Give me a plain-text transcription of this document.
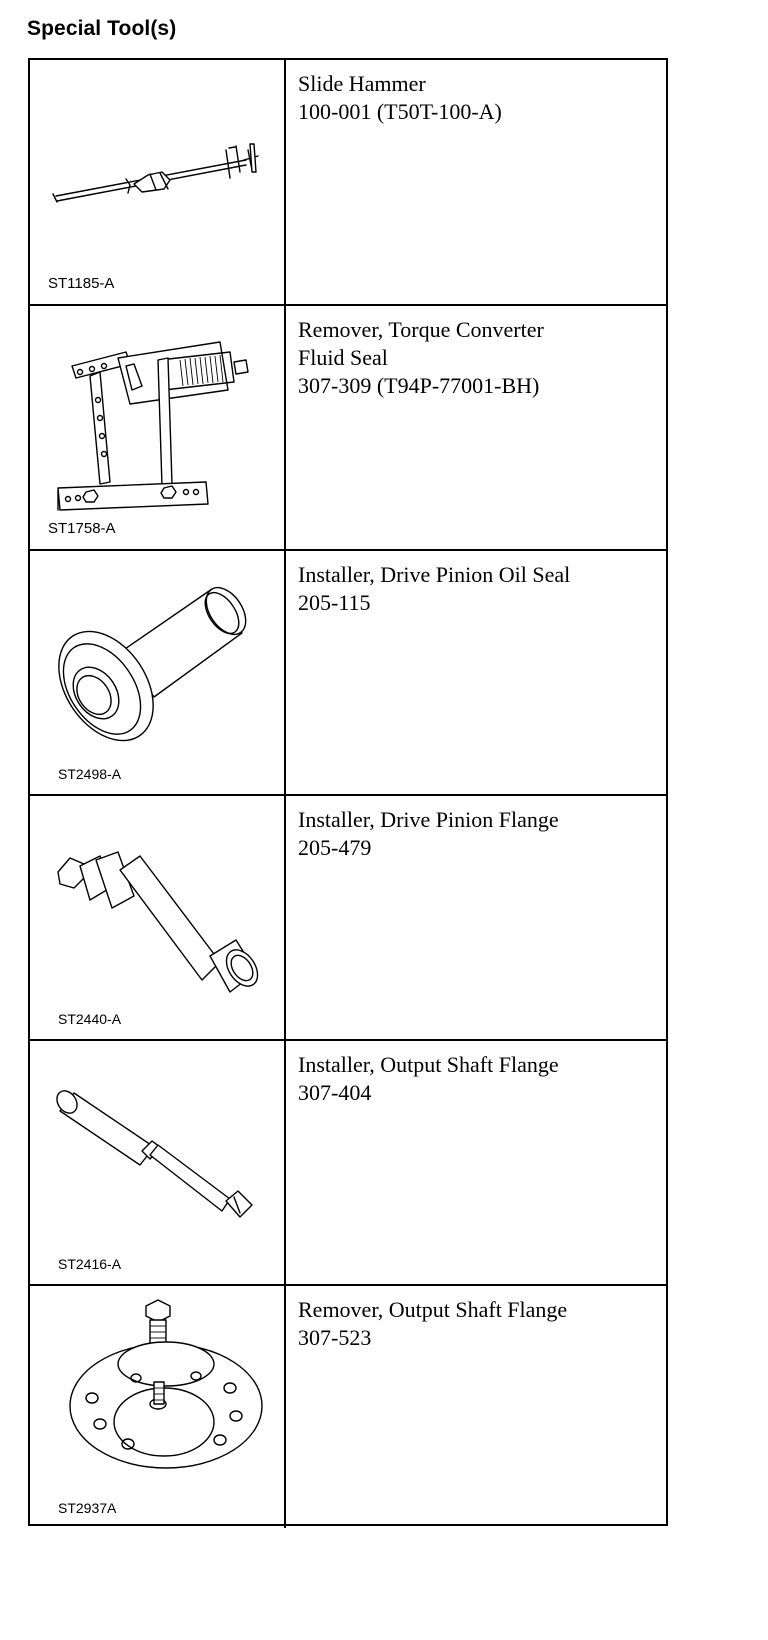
Special Tool(s)
ST1185-A
Slide Hammer
100-001 (T50T-100-A)
ST1758-A
Remover, Torque Converter
Fluid Seal
307-309 (T94P-77001-BH)
ST2498-A
Installer, Drive Pinion Oil Seal
205-115
ST2440-A
Installer, Drive Pinion Flange
205-479
ST2416-A
Installer, Output Shaft Flange
307-404
ST2937A
Remover, Output Shaft Flange
307-523
